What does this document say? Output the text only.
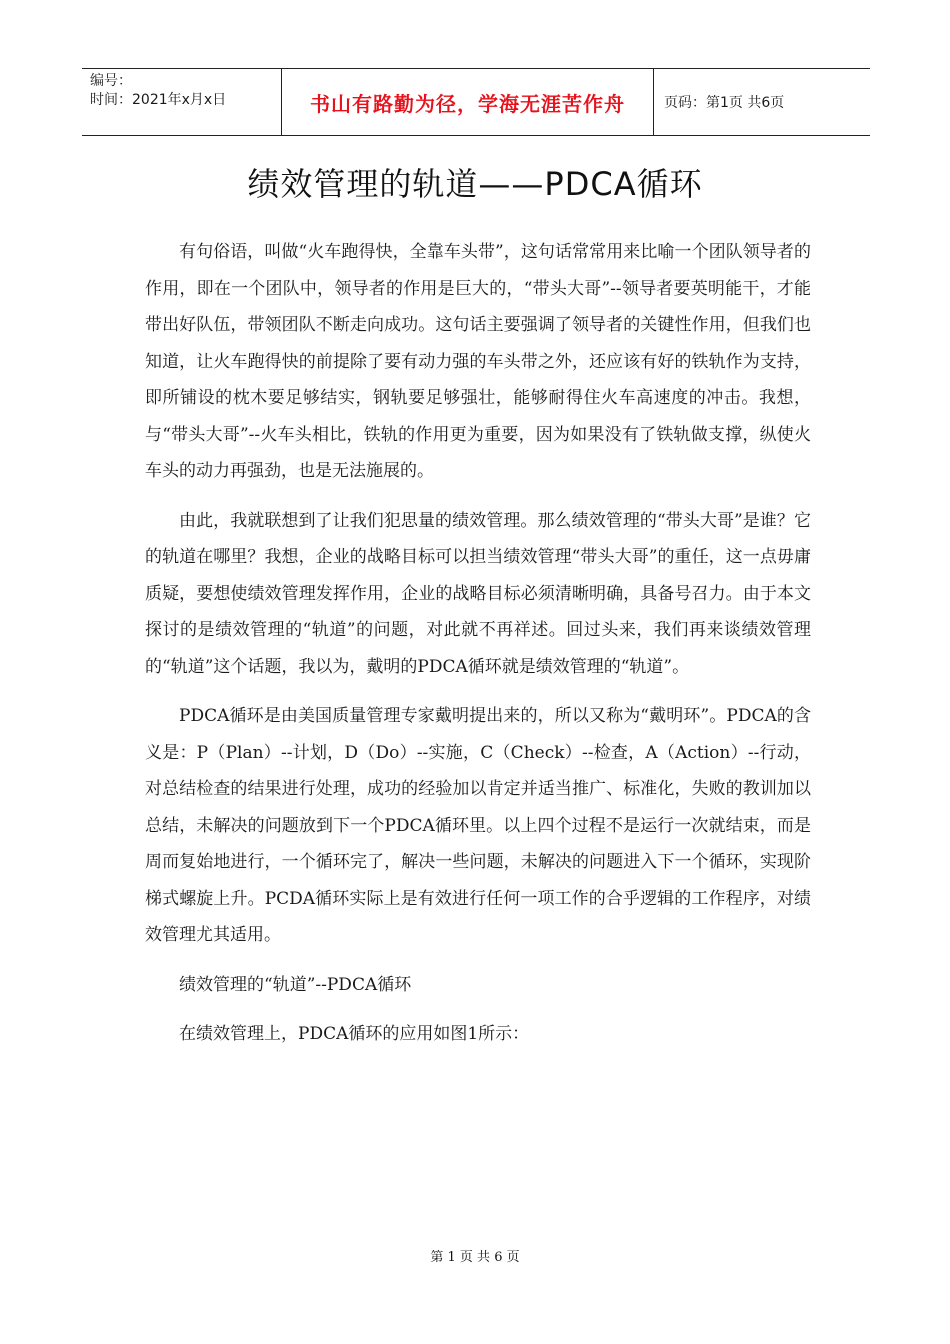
编号：
时间：2021年x月x日	书山有路勤为径，学海无涯苦作舟	页码：第1页 共6页
绩效管理的轨道——PDCA循环

有句俗语，叫做“火车跑得快，全靠车头带”，这句话常常用来比喻一个团队领导者的作用，即在一个团队中，领导者的作用是巨大的，“带头大哥”--领导者要英明能干，才能带出好队伍，带领团队不断走向成功。这句话主要强调了领导者的关键性作用，但我们也知道，让火车跑得快的前提除了要有动力强的车头带之外，还应该有好的铁轨作为支持，即所铺设的枕木要足够结实，钢轨要足够强壮，能够耐得住火车高速度的冲击。我想，与“带头大哥”--火车头相比，铁轨的作用更为重要，因为如果没有了铁轨做支撑，纵使火车头的动力再强劲，也是无法施展的。

由此，我就联想到了让我们犯思量的绩效管理。那么绩效管理的“带头大哥”是谁？它的轨道在哪里？我想，企业的战略目标可以担当绩效管理“带头大哥”的重任，这一点毋庸质疑，要想使绩效管理发挥作用，企业的战略目标必须清晰明确，具备号召力。由于本文探讨的是绩效管理的“轨道”的问题，对此就不再祥述。回过头来，我们再来谈绩效管理的“轨道”这个话题，我以为，戴明的PDCA循环就是绩效管理的“轨道”。

PDCA循环是由美国质量管理专家戴明提出来的，所以又称为“戴明环”。PDCA的含义是：P（Plan）--计划，D（Do）--实施，C（Check）--检查，A（Action）--行动，对总结检查的结果进行处理，成功的经验加以肯定并适当推广、标准化，失败的教训加以总结，未解决的问题放到下一个PDCA循环里。以上四个过程不是运行一次就结束，而是周而复始地进行，一个循环完了，解决一些问题，未解决的问题进入下一个循环，实现阶梯式螺旋上升。PCDA循环实际上是有效进行任何一项工作的合乎逻辑的工作程序，对绩效管理尤其适用。

绩效管理的“轨道”--PDCA循环

在绩效管理上，PDCA循环的应用如图1所示：

第 1 页 共 6 页
